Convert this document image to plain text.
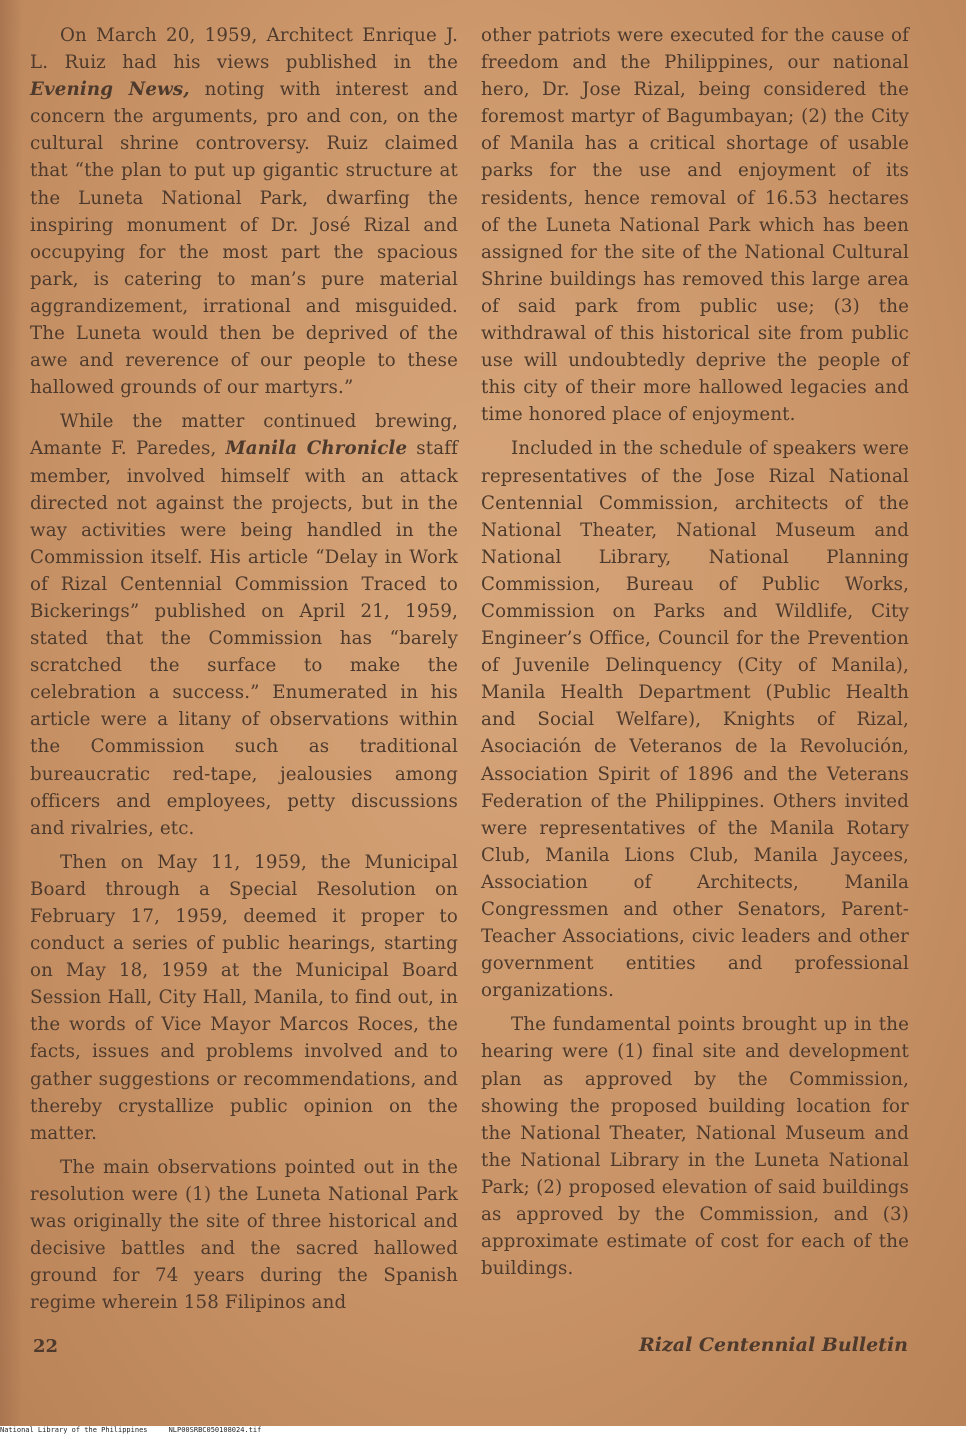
On March 20, 1959, Architect Enrique J. L. Ruiz had his views published in the Evening News, noting with interest and concern the arguments, pro and con, on the cultural shrine controversy. Ruiz claimed that “the plan to put up gigantic structure at the Luneta National Park, dwarfing the inspiring monument of Dr. José Rizal and occupying for the most part the spacious park, is catering to man’s pure material aggrandizement, irrational and misguided. The Luneta would then be deprived of the awe and reverence of our people to these hallowed grounds of our martyrs.”

While the matter continued brewing, Amante F. Paredes, Manila Chronicle staff member, involved himself with an attack directed not against the projects, but in the way activities were being handled in the Commission itself. His article “Delay in Work of Rizal Centennial Commission Traced to Bickerings” published on April 21, 1959, stated that the Commission has “barely scratched the surface to make the celebration a success.” Enumerated in his article were a litany of observations within the Commission such as traditional bureaucratic red-tape, jealousies among officers and employees, petty discussions and rivalries, etc.

Then on May 11, 1959, the Municipal Board through a Special Resolution on February 17, 1959, deemed it proper to conduct a series of public hearings, starting on May 18, 1959 at the Municipal Board Session Hall, City Hall, Manila, to find out, in the words of Vice Mayor Marcos Roces, the facts, issues and problems involved and to gather suggestions or recommendations, and thereby crystallize public opinion on the matter.

The main observations pointed out in the resolution were (1) the Luneta National Park was originally the site of three historical and decisive battles and the sacred hallowed ground for 74 years during the Spanish regime wherein 158 Filipinos and

other patriots were executed for the cause of freedom and the Philippines, our national hero, Dr. Jose Rizal, being considered the foremost martyr of Bagumbayan; (2) the City of Manila has a critical shortage of usable parks for the use and enjoyment of its residents, hence removal of 16.53 hectares of the Luneta National Park which has been assigned for the site of the National Cultural Shrine buildings has removed this large area of said park from public use; (3) the withdrawal of this historical site from public use will undoubtedly deprive the people of this city of their more hallowed legacies and time honored place of enjoyment.

Included in the schedule of speakers were representatives of the Jose Rizal National Centennial Commission, architects of the National Theater, National Museum and National Library, National Planning Commission, Bureau of Public Works, Commission on Parks and Wildlife, City Engineer’s Office, Council for the Prevention of Juvenile Delinquency (City of Manila), Manila Health Department (Public Health and Social Welfare), Knights of Rizal, Asociación de Veteranos de la Revolución, Association Spirit of 1896 and the Veterans Federation of the Philippines. Others invited were representatives of the Manila Rotary Club, Manila Lions Club, Manila Jaycees, Association of Architects, Manila Congressmen and other Senators, Parent-Teacher Associations, civic leaders and other government entities and professional organizations.

The fundamental points brought up in the hearing were (1) final site and development plan as approved by the Commission, showing the proposed building location for the National Theater, National Museum and the National Library in the Luneta National Park; (2) proposed elevation of said buildings as approved by the Commission, and (3) approximate estimate of cost for each of the buildings.

22	Rizal Centennial Bulletin
National Library of the Philippines     NLP00SRBC050108024.tif
